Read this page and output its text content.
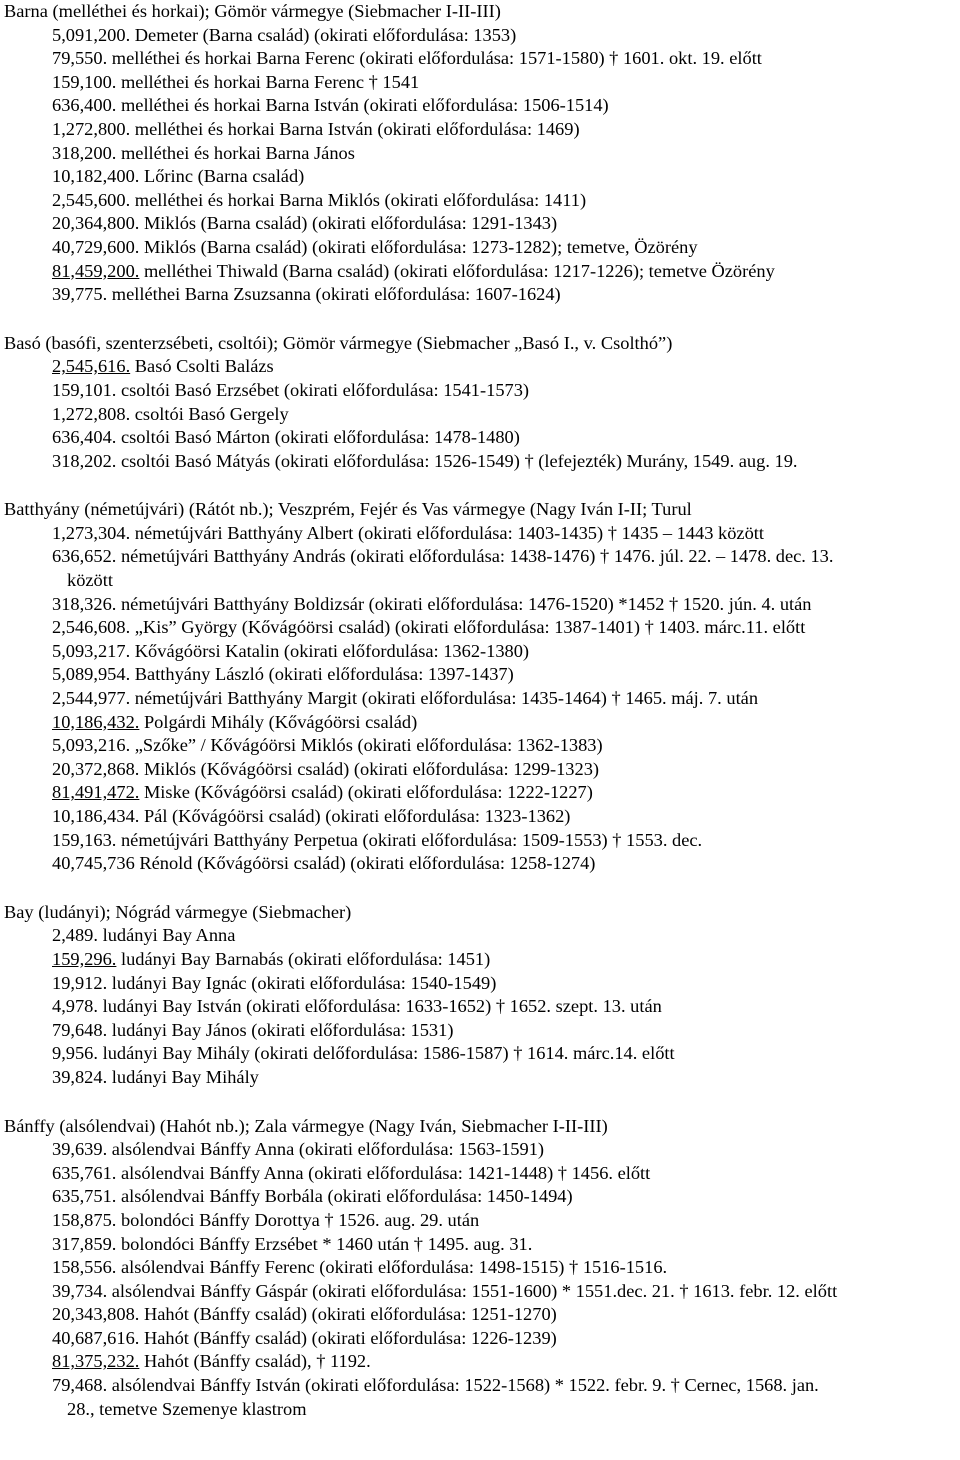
Barna (melléthei és horkai); Gömör vármegye (Siebmacher I-II-III)
5,091,200. Demeter (Barna család) (okirati előfordulása: 1353)
79,550. melléthei és horkai Barna Ferenc (okirati előfordulása: 1571-1580) † 1601. okt. 19. előtt
159,100. melléthei és horkai Barna Ferenc † 1541
636,400. melléthei és horkai Barna István (okirati előfordulása: 1506-1514)
1,272,800. melléthei és horkai Barna István (okirati előfordulása: 1469)
318,200. melléthei és horkai Barna János
10,182,400. Lőrinc (Barna család)
2,545,600. melléthei és horkai Barna Miklós (okirati előfordulása: 1411)
20,364,800. Miklós (Barna család) (okirati előfordulása: 1291-1343)
40,729,600. Miklós (Barna család) (okirati előfordulása: 1273-1282); temetve, Özörény
81,459,200. melléthei Thiwald (Barna család) (okirati előfordulása: 1217-1226); temetve Özörény
39,775. melléthei Barna Zsuzsanna (okirati előfordulása: 1607-1624)
Basó (basófi, szenterzsébeti, csoltói); Gömör vármegye (Siebmacher „Basó I., v. Csolthó”)
2,545,616. Basó Csolti Balázs
159,101. csoltói Basó Erzsébet (okirati előfordulása: 1541-1573)
1,272,808. csoltói Basó Gergely
636,404. csoltói Basó Márton (okirati előfordulása: 1478-1480)
318,202. csoltói Basó Mátyás (okirati előfordulása: 1526-1549) † (lefejezték) Murány, 1549. aug. 19.
Batthyány (németújvári) (Rátót nb.); Veszprém, Fejér és Vas vármegye (Nagy Iván I-II; Turul
1,273,304. németújvári Batthyány Albert (okirati előfordulása: 1403-1435) † 1435 – 1443 között
636,652. németújvári Batthyány András (okirati előfordulása: 1438-1476) † 1476. júl. 22. – 1478. dec. 13.
között
318,326. németújvári Batthyány Boldizsár (okirati előfordulása: 1476-1520) *1452 † 1520. jún. 4. után
2,546,608. „Kis” György (Kővágóörsi család) (okirati előfordulása: 1387-1401) † 1403. márc.11. előtt
5,093,217. Kővágóörsi Katalin (okirati előfordulása: 1362-1380)
5,089,954. Batthyány László (okirati előfordulása: 1397-1437)
2,544,977. németújvári Batthyány Margit (okirati előfordulása: 1435-1464) † 1465. máj. 7. után
10,186,432. Polgárdi Mihály (Kővágóörsi család)
5,093,216. „Szőke” / Kővágóörsi Miklós (okirati előfordulása: 1362-1383)
20,372,868. Miklós (Kővágóörsi család) (okirati előfordulása: 1299-1323)
81,491,472. Miske (Kővágóörsi család) (okirati előfordulása: 1222-1227)
10,186,434. Pál (Kővágóörsi család) (okirati előfordulása: 1323-1362)
159,163. németújvári Batthyány Perpetua (okirati előfordulása: 1509-1553) † 1553. dec.
40,745,736 Rénold (Kővágóörsi család) (okirati előfordulása: 1258-1274)
Bay (ludányi); Nógrád vármegye (Siebmacher)
2,489. ludányi Bay Anna
159,296. ludányi Bay Barnabás (okirati előfordulása: 1451)
19,912. ludányi Bay Ignác (okirati előfordulása: 1540-1549)
4,978. ludányi Bay István (okirati előfordulása: 1633-1652) † 1652. szept. 13. után
79,648. ludányi Bay János (okirati előfordulása: 1531)
9,956. ludányi Bay Mihály (okirati delőfordulása: 1586-1587) † 1614. márc.14. előtt
39,824. ludányi Bay Mihály
Bánffy (alsólendvai) (Hahót nb.); Zala vármegye (Nagy Iván, Siebmacher I-II-III)
39,639. alsólendvai Bánffy Anna (okirati előfordulása: 1563-1591)
635,761. alsólendvai Bánffy Anna (okirati előfordulása: 1421-1448) † 1456. előtt
635,751. alsólendvai Bánffy Borbála (okirati előfordulása: 1450-1494)
158,875. bolondóci Bánffy Dorottya † 1526. aug. 29. után
317,859. bolondóci Bánffy Erzsébet * 1460 után † 1495. aug. 31.
158,556. alsólendvai Bánffy Ferenc (okirati előfordulása: 1498-1515) † 1516-1516.
39,734. alsólendvai Bánffy Gáspár (okirati előfordulása: 1551-1600) * 1551.dec. 21. † 1613. febr. 12. előtt
20,343,808. Hahót (Bánffy család) (okirati előfordulása: 1251-1270)
40,687,616. Hahót (Bánffy család) (okirati előfordulása: 1226-1239)
81,375,232. Hahót (Bánffy család), † 1192.
79,468. alsólendvai Bánffy István (okirati előfordulása: 1522-1568) * 1522. febr. 9. † Cernec, 1568. jan.
28., temetve Szemenye klastrom
